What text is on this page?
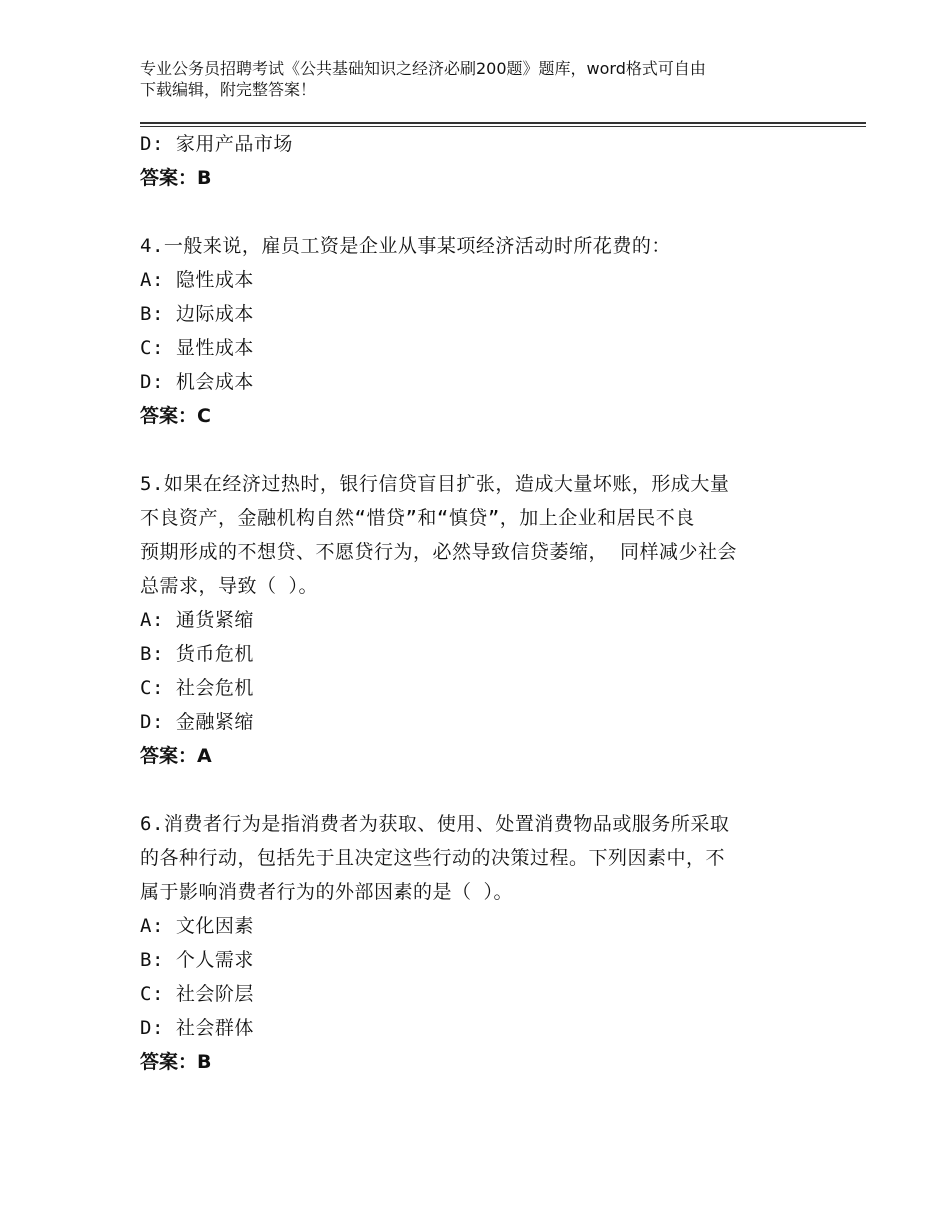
专业公务员招聘考试《公共基础知识之经济必刷200题》题库，word格式可自由
下载编辑，附完整答案！
D: 家用产品市场
答案：B
4.一般来说，雇员工资是企业从事某项经济活动时所花费的：
A: 隐性成本
B: 边际成本
C: 显性成本
D: 机会成本
答案：C
5.如果在经济过热时，银行信贷盲目扩张，造成大量坏账，形成大量
不良资产，金融机构自然“惜贷”和“慎贷”，加上企业和居民不良
预期形成的不想贷、不愿贷行为，必然导致信贷萎缩， 同样减少社会
总需求，导致（ ）。
A: 通货紧缩
B: 货币危机
C: 社会危机
D: 金融紧缩
答案：A
6.消费者行为是指消费者为获取、使用、处置消费物品或服务所采取
的各种行动，包括先于且决定这些行动的决策过程。下列因素中，不
属于影响消费者行为的外部因素的是（ ）。
A: 文化因素
B: 个人需求
C: 社会阶层
D: 社会群体
答案：B
